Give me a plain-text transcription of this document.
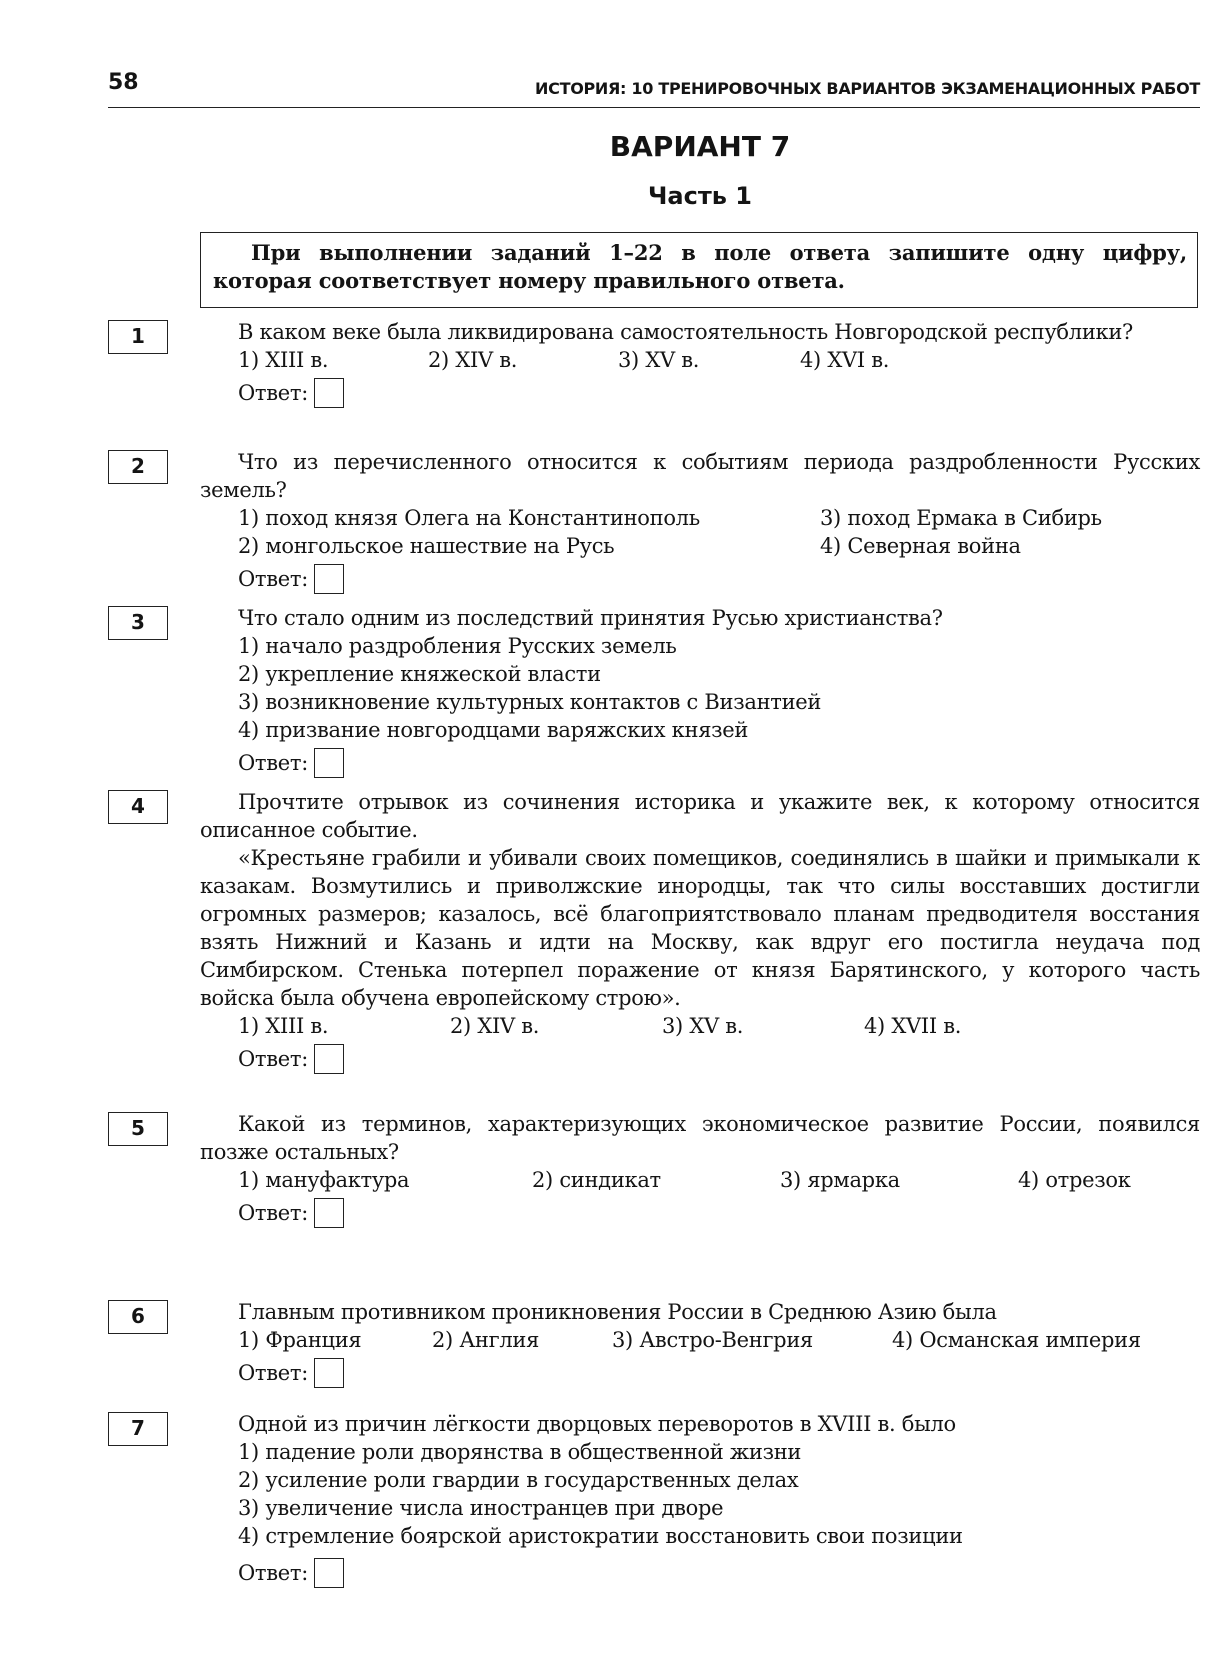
58	ИСТОРИЯ: 10 ТРЕНИРОВОЧНЫХ ВАРИАНТОВ ЭКЗАМЕНАЦИОННЫХ РАБОТ
ВАРИАНТ 7
Часть 1

При выполнении заданий 1–22 в поле ответа запишите одну цифру, которая соответствует номеру правильного ответа.

1	В каком веке была ликвидирована самостоятельность Новгородской республики?

1) XIII в.	2) XIV в.	3) XV в.	4) XVI в.
Ответ:
2	Что из перечисленного относится к событиям периода раздробленности Русских земель?

1) поход князя Олега на Константинополь	3) поход Ермака в Сибирь
2) монгольское нашествие на Русь	4) Северная война
Ответ:
3	Что стало одним из последствий принятия Русью христианства?

1) начало раздробления Русских земель
2) укрепление княжеской власти
3) возникновение культурных контактов с Византией
4) призвание новгородцами варяжских князей
Ответ:
4	Прочтите отрывок из сочинения историка и укажите век, к которому относится описанное событие.

«Крестьяне грабили и убивали своих помещиков, соединялись в шайки и примыкали к казакам. Возмутились и приволжские инородцы, так что силы восставших достигли огромных размеров; казалось, всё благоприятствовало планам предводителя восстания взять Нижний и Казань и идти на Москву, как вдруг его постигла неудача под Симбирском. Стенька потерпел поражение от князя Барятинского, у которого часть войска была обучена европейскому строю».

1) XIII в.	2) XIV в.	3) XV в.	4) XVII в.
Ответ:
5	Какой из терминов, характеризующих экономическое развитие России, появился позже остальных?

1) мануфактура	2) синдикат	3) ярмарка	4) отрезок
Ответ:
6	Главным противником проникновения России в Среднюю Азию была

1) Франция	2) Англия	3) Австро-Венгрия	4) Османская империя
Ответ:
7	Одной из причин лёгкости дворцовых переворотов в XVIII в. было

1) падение роли дворянства в общественной жизни
2) усиление роли гвардии в государственных делах
3) увеличение числа иностранцев при дворе
4) стремление боярской аристократии восстановить свои позиции
Ответ:
